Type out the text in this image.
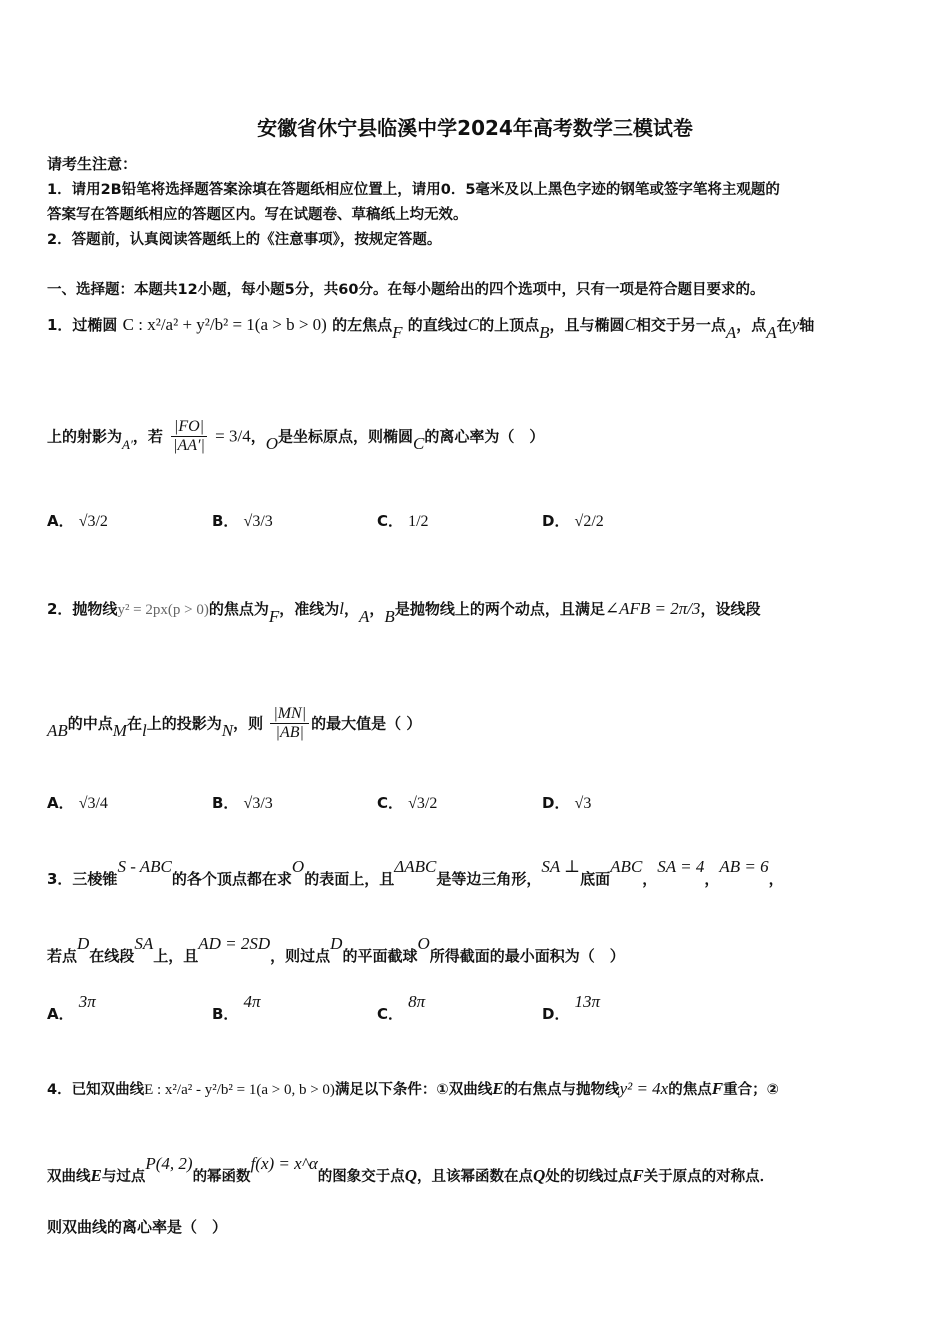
安徽省休宁县临溪中学2024年高考数学三模试卷
请考生注意：
1．请用2B铅笔将选择题答案涂填在答题纸相应位置上，请用0．5毫米及以上黑色字迹的钢笔或签字笔将主观题的
答案写在答题纸相应的答题区内。写在试题卷、草稿纸上均无效。
2．答题前，认真阅读答题纸上的《注意事项》，按规定答题。
一、选择题：本题共12小题，每小题5分，共60分。在每小题给出的四个选项中，只有一项是符合题目要求的。
1．过椭圆 C : x²/a² + y²/b² = 1(a > b > 0) 的左焦点F 的直线过C的上顶点B，且与椭圆C相交于另一点A，点A在y轴
上的射影为A′，若 $\frac{|FO|}{|AA'|} = 3/4$，O是坐标原点，则椭圆C的离心率为（　）
A． √3/2	B． √3/3	C． 1/2	D． √2/2
2．抛物线y² = 2px(p > 0)的焦点为F，准线为l，A，B是抛物线上的两个动点，且满足∠AFB = 2π/3，设线段
AB的中点M在l上的投影为N，则 $\frac{|MN|}{|AB|}$ 的最大值是（ ）
A． √3/4	B． √3/3	C． √3/2	D． √3
3．三棱锥S - ABC的各个顶点都在求O的表面上，且ΔABC是等边三角形，SA ⊥底面ABC，SA = 4，AB = 6，
若点D在线段SA上，且AD = 2SD，则过点D的平面截球O所得截面的最小面积为（　）
A． 3π
B． 4π
C． 8π
D． 13π
4．已知双曲线E : x²/a² - y²/b² = 1(a > 0, b > 0)满足以下条件：①双曲线E的右焦点与抛物线y² = 4x的焦点F重合；②
双曲线E与过点P(4, 2)的幂函数f(x) = x^α的图象交于点Q，且该幂函数在点Q处的切线过点F关于原点的对称点．
则双曲线的离心率是（　）
